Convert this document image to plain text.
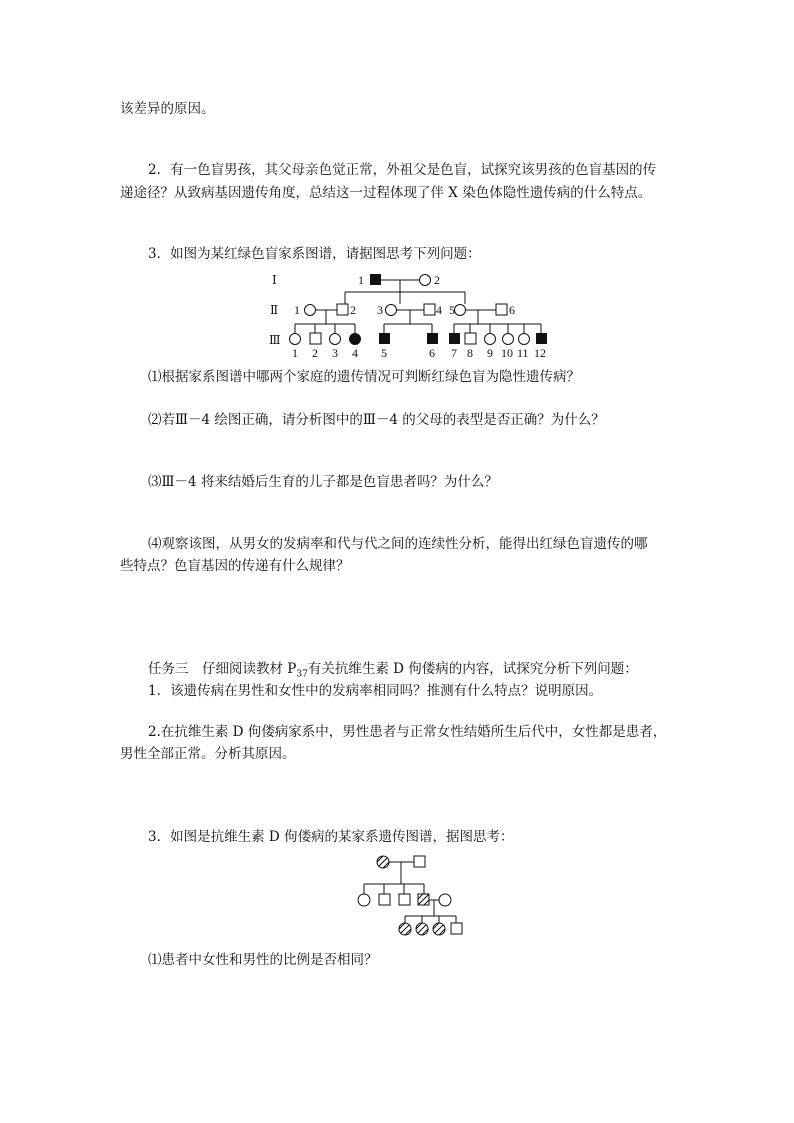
该差异的原因。
2．有一色盲男孩，其父母亲色觉正常，外祖父是色盲，试探究该男孩的色盲基因的传
递途径？从致病基因遗传角度，总结这一过程体现了伴 X 染色体隐性遗传病的什么特点。
3．如图为某红绿色盲家系图谱，请据图思考下列问题：
Ⅰ
Ⅱ
Ⅲ
1	2
1	2 3	4 5	6
1 2 3 4 5	6 7 8 9 10 11 12
⑴根据家系图谱中哪两个家庭的遗传情况可判断红绿色盲为隐性遗传病？
⑵若Ⅲ－4 绘图正确，请分析图中的Ⅲ－4 的父母的表型是否正确？为什么？
⑶Ⅲ－4 将来结婚后生育的儿子都是色盲患者吗？为什么？
⑷观察该图，从男女的发病率和代与代之间的连续性分析，能得出红绿色盲遗传的哪
些特点？色盲基因的传递有什么规律？
任务三　仔细阅读教材 $P_{37}$有关抗维生素 D 佝偻病的内容，试探究分析下列问题：
1．该遗传病在男性和女性中的发病率相同吗？推测有什么特点？说明原因。
2.在抗维生素 D 佝偻病家系中，男性患者与正常女性结婚所生后代中，女性都是患者，
男性全部正常。分析其原因。
3．如图是抗维生素 D 佝偻病的某家系遗传图谱，据图思考：
⑴患者中女性和男性的比例是否相同？
